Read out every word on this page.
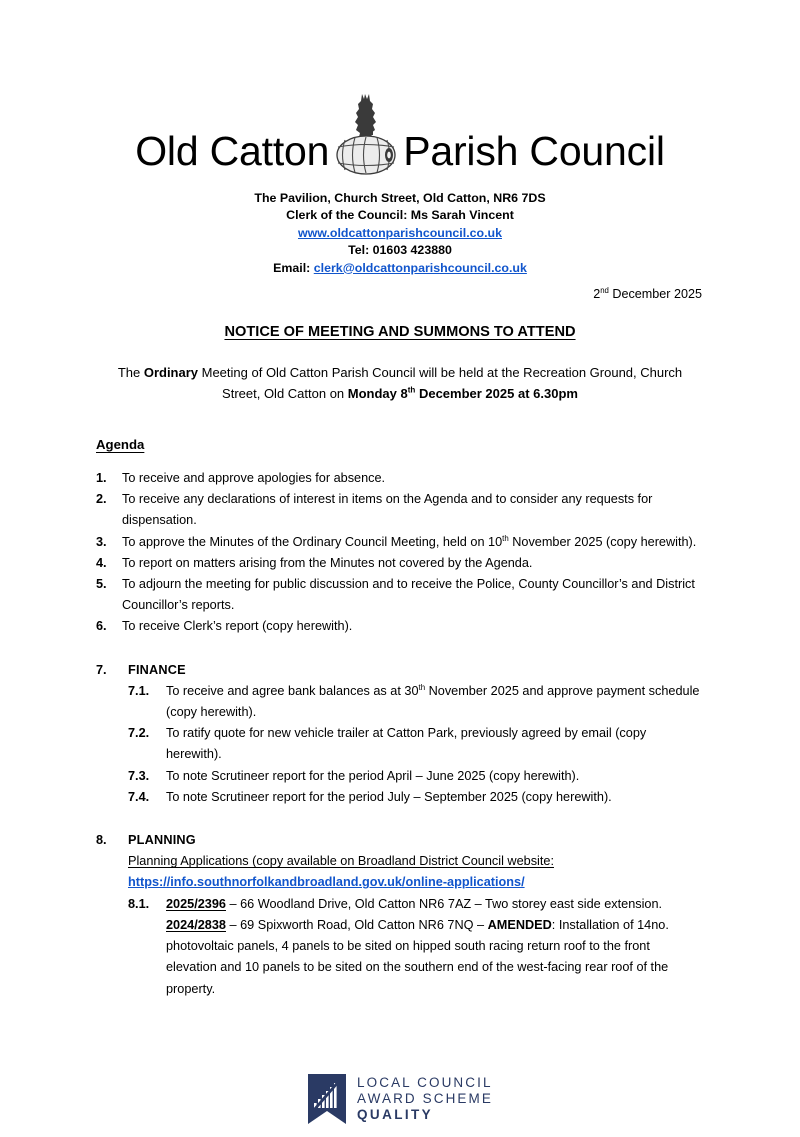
Old Catton Parish Council
The Pavilion, Church Street, Old Catton, NR6 7DS
Clerk of the Council: Ms Sarah Vincent
www.oldcattonparishcouncil.co.uk
Tel: 01603 423880
Email: clerk@oldcattonparishcouncil.co.uk
2nd December 2025
NOTICE OF MEETING AND SUMMONS TO ATTEND
The Ordinary Meeting of Old Catton Parish Council will be held at the Recreation Ground, Church Street, Old Catton on Monday 8th December 2025 at 6.30pm
Agenda
1.	To receive and approve apologies for absence.
2.	To receive any declarations of interest in items on the Agenda and to consider any requests for dispensation.
3.	To approve the Minutes of the Ordinary Council Meeting, held on 10th November 2025 (copy herewith).
4.	To report on matters arising from the Minutes not covered by the Agenda.
5.	To adjourn the meeting for public discussion and to receive the Police, County Councillor’s and District Councillor’s reports.
6.	To receive Clerk’s report (copy herewith).
7.	FINANCE
7.1.	To receive and agree bank balances as at 30th November 2025 and approve payment schedule (copy herewith).
7.2.	To ratify quote for new vehicle trailer at Catton Park, previously agreed by email (copy herewith).
7.3.	To note Scrutineer report for the period April – June 2025 (copy herewith).
7.4.	To note Scrutineer report for the period July – September 2025 (copy herewith).
8.	PLANNING
Planning Applications (copy available on Broadland District Council website:
https://info.southnorfolkandbroadland.gov.uk/online-applications/
8.1.	2025/2396 – 66 Woodland Drive, Old Catton NR6 7AZ – Two storey east side extension.
2024/2838 – 69 Spixworth Road, Old Catton NR6 7NQ – AMENDED: Installation of 14no. photovoltaic panels, 4 panels to be sited on hipped south racing return roof to the front elevation and 10 panels to be sited on the southern end of the west-facing rear roof of the property.
LOCAL COUNCIL
AWARD SCHEME
QUALITY
